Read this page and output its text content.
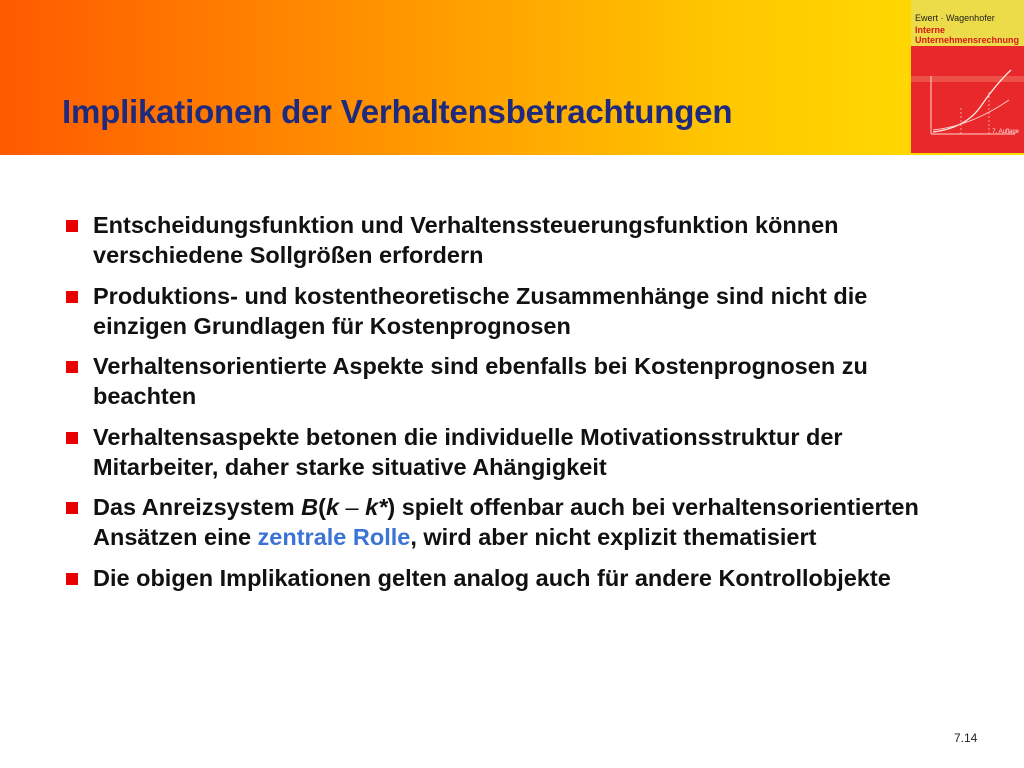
Implikationen der Verhaltensbetrachtungen
Ewert · Wagenhofer
Interne
Unternehmensrechnung
7. Auflage
Entscheidungsfunktion und Verhaltenssteuerungsfunktion können verschiedene Sollgrößen erfordern
Produktions- und kostentheoretische Zusammenhänge sind nicht die einzigen Grundlagen für Kostenprognosen
Verhaltensorientierte Aspekte sind ebenfalls bei Kostenprognosen zu beachten
Verhaltensaspekte betonen die individuelle Motivationsstruktur der Mitarbeiter, daher starke situative Ahängigkeit
Das Anreizsystem B(k – k*) spielt offenbar auch bei verhaltensorientierten Ansätzen eine zentrale Rolle, wird aber nicht explizit thematisiert
Die obigen Implikationen gelten analog auch für andere Kontrollobjekte
7.14
